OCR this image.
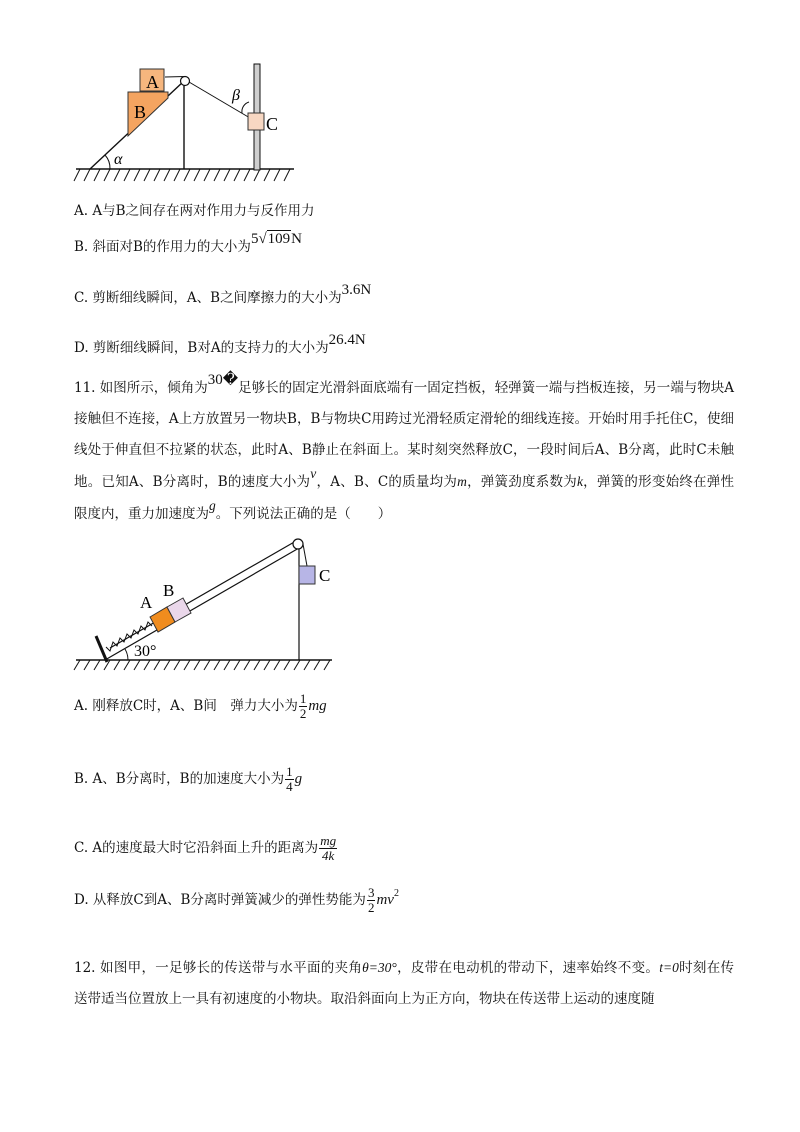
A
B
C
α
β
A. A与B之间存在两对作用力与反作用力
B. 斜面对B的作用力的大小为5√109N
C. 剪断细线瞬间，A、B之间摩擦力的大小为3.6N
D. 剪断细线瞬间，B对A的支持力的大小为26.4N
11. 如图所示，倾角为30�足够长的固定光滑斜面底端有一固定挡板，轻弹簧一端与挡板连接，另一端与物块A接触但不连接，A上方放置另一物块B，B与物块C用跨过光滑轻质定滑轮的细线连接。开始时用手托住C，使细线处于伸直但不拉紧的状态，此时A、B静止在斜面上。某时刻突然释放C，一段时间后A、B分离，此时C未触地。已知A、B分离时，B的速度大小为v，A、B、C的质量均为m，弹簧劲度系数为k，弹簧的形变始终在弹性限度内，重力加速度为g。下列说法正确的是（　　）
A
B
C
30°
A. 刚释放C时，A、B间　弹力大小为 $\frac{1}{2}$ mg
B. A、B分离时，B的加速度大小为 $\frac{1}{4}$ g
C. A的速度最大时它沿斜面上升的距离为 $\frac{mg}{4k}$
D. 从释放C到A、B分离时弹簧减少的弹性势能为 $\frac{3}{2} mv^2$
12. 如图甲，一足够长的传送带与水平面的夹角θ=30°，皮带在电动机的带动下，速率始终不变。t=0时刻在传送带适当位置放上一具有初速度的小物块。取沿斜面向上为正方向，物块在传送带上运动的速度随
